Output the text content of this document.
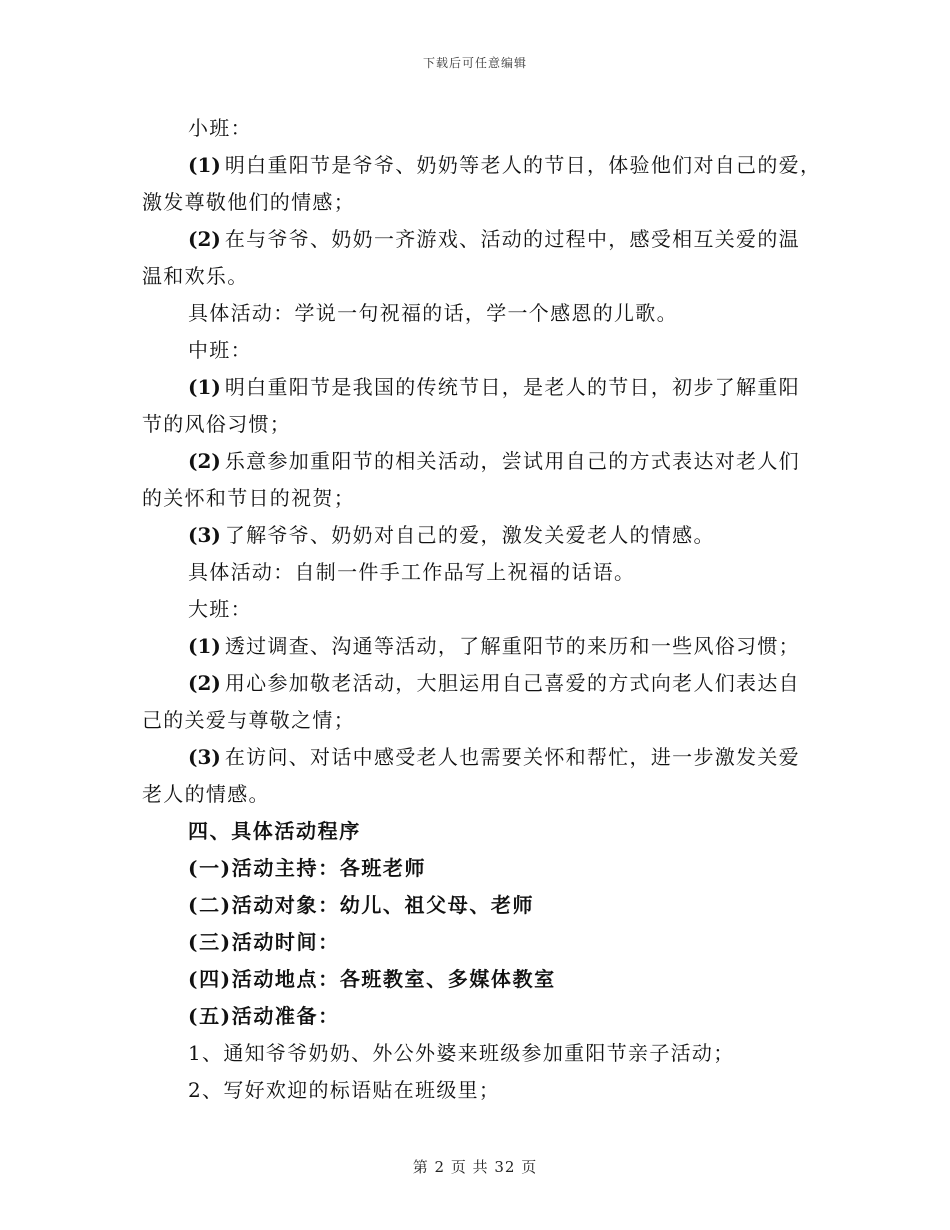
下载后可任意编辑
小班：
(1) 明白重阳节是爷爷、奶奶等老人的节日，体验他们对自己的爱，
激发尊敬他们的情感；
(2) 在与爷爷、奶奶一齐游戏、活动的过程中，感受相互关爱的温
温和欢乐。
具体活动：学说一句祝福的话，学一个感恩的儿歌。
中班：
(1) 明白重阳节是我国的传统节日，是老人的节日，初步了解重阳
节的风俗习惯；
(2) 乐意参加重阳节的相关活动，尝试用自己的方式表达对老人们
的关怀和节日的祝贺；
(3) 了解爷爷、奶奶对自己的爱，激发关爱老人的情感。
具体活动：自制一件手工作品写上祝福的话语。
大班：
(1) 透过调查、沟通等活动，了解重阳节的来历和一些风俗习惯；
(2) 用心参加敬老活动，大胆运用自己喜爱的方式向老人们表达自
己的关爱与尊敬之情；
(3) 在访问、对话中感受老人也需要关怀和帮忙，进一步激发关爱
老人的情感。
四、具体活动程序
(一)活动主持：各班老师
(二)活动对象：幼儿、祖父母、老师
(三)活动时间：
(四)活动地点：各班教室、多媒体教室
(五)活动准备：
1、通知爷爷奶奶、外公外婆来班级参加重阳节亲子活动；
2、写好欢迎的标语贴在班级里；
第 2 页 共 32 页
